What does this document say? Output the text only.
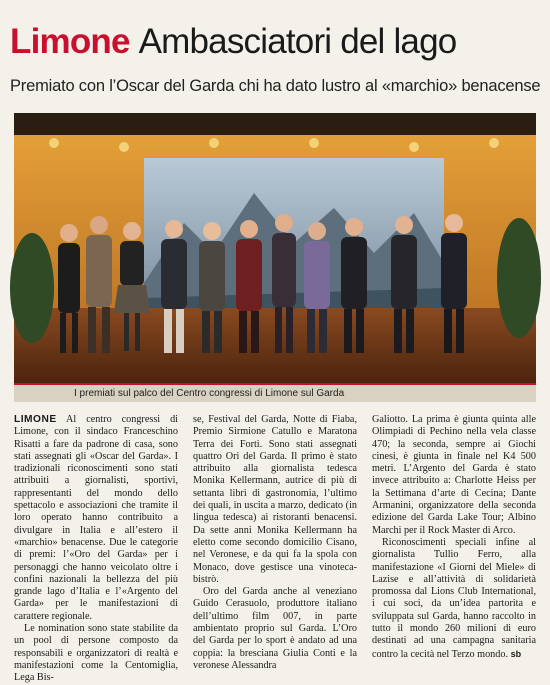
Limone Ambasciatori del lago

Premiato con l’Oscar del Garda chi ha dato lustro al «marchio» benacense

I premiati sul palco del Centro congressi di Limone sul Garda

LIMONE Al centro congressi di Limone, con il sindaco Franceschino Risatti a fare da padrone di casa, sono stati assegnati gli «Oscar del Garda». I tradizionali riconoscimenti sono stati attribuiti a giornalisti, sportivi, rappresentanti del mondo dello spettacolo e associazioni che tramite il loro operato hanno contribuito a divulgare in Italia e all’estero il «marchio» benacense. Due le categorie di premi: l’«Oro del Garda» per i personaggi che hanno veicolato oltre i confini nazionali la bellezza del più grande lago d’Italia e l’«Argento del Garda» per le manifestazioni di carattere regionale.

Le nomination sono state stabilite da un pool di persone composto da responsabili e organizzatori di realtà e manifestazioni come la Centomiglia, Lega Bis-

se, Festival del Garda, Notte di Fiaba, Premio Sirmione Catullo e Maratona Terra dei Forti. Sono stati assegnati quattro Ori del Garda. Il primo è stato attribuito alla giornalista tedesca Monika Kellermann, autrice di più di settanta libri di gastronomia, l’ultimo dei quali, in uscita a marzo, dedicato (in lingua tedesca) ai ristoranti benacensi. Da sette anni Monika Kellermann ha eletto come secondo domicilio Cisano, nel Veronese, e da qui fa la spola con Monaco, dove gestisce una vinoteca-bistrò.

Oro del Garda anche al veneziano Guido Cerasuolo, produttore italiano dell’ultimo film 007, in parte ambientato proprio sul Garda. L’Oro del Garda per lo sport è andato ad una coppia: la bresciana Giulia Conti e la veronese Alessandra

Galiotto. La prima è giunta quinta alle Olimpiadi di Pechino nella vela classe 470; la seconda, sempre ai Giochi cinesi, è giunta in finale nel K4 500 metri. L’Argento del Garda è stato invece attribuito a: Charlotte Heiss per la Settimana d’arte di Cecina; Dante Armanini, organizzatore della seconda edizione del Garda Lake Tour; Albino Marchi per il Rock Master di Arco.

Riconoscimenti speciali infine al giornalista Tullio Ferro, alla manifestazione «I Giorni del Miele» di Lazise e all’attività di solidarietà promossa dal Lions Club International, i cui soci, da un’idea partorita e sviluppata sul Garda, hanno raccolto in tutto il mondo 260 milioni di euro destinati ad una campagna sanitaria contro la cecità nel Terzo mondo. sb
